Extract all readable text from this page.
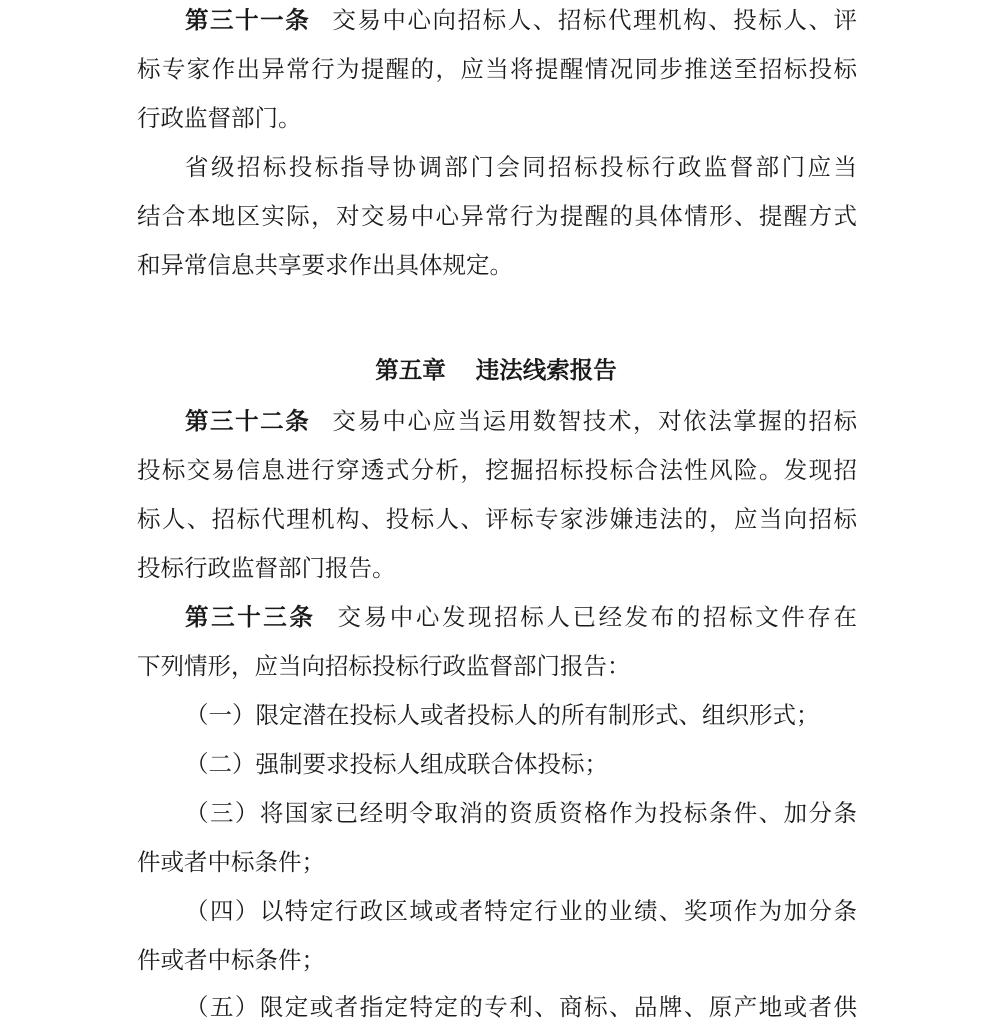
第三十一条 交易中心向招标人、招标代理机构、投标人、评
标专家作出异常行为提醒的，应当将提醒情况同步推送至招标投标
行政监督部门。
省级招标投标指导协调部门会同招标投标行政监督部门应当
结合本地区实际，对交易中心异常行为提醒的具体情形、提醒方式
和异常信息共享要求作出具体规定。
第五章 违法线索报告
第三十二条 交易中心应当运用数智技术，对依法掌握的招标
投标交易信息进行穿透式分析，挖掘招标投标合法性风险。发现招
标人、招标代理机构、投标人、评标专家涉嫌违法的，应当向招标
投标行政监督部门报告。
第三十三条 交易中心发现招标人已经发布的招标文件存在
下列情形，应当向招标投标行政监督部门报告：
（一）限定潜在投标人或者投标人的所有制形式、组织形式；
（二）强制要求投标人组成联合体投标；
（三）将国家已经明令取消的资质资格作为投标条件、加分条
件或者中标条件；
（四）以特定行政区域或者特定行业的业绩、奖项作为加分条
件或者中标条件；
（五）限定或者指定特定的专利、商标、品牌、原产地或者供
